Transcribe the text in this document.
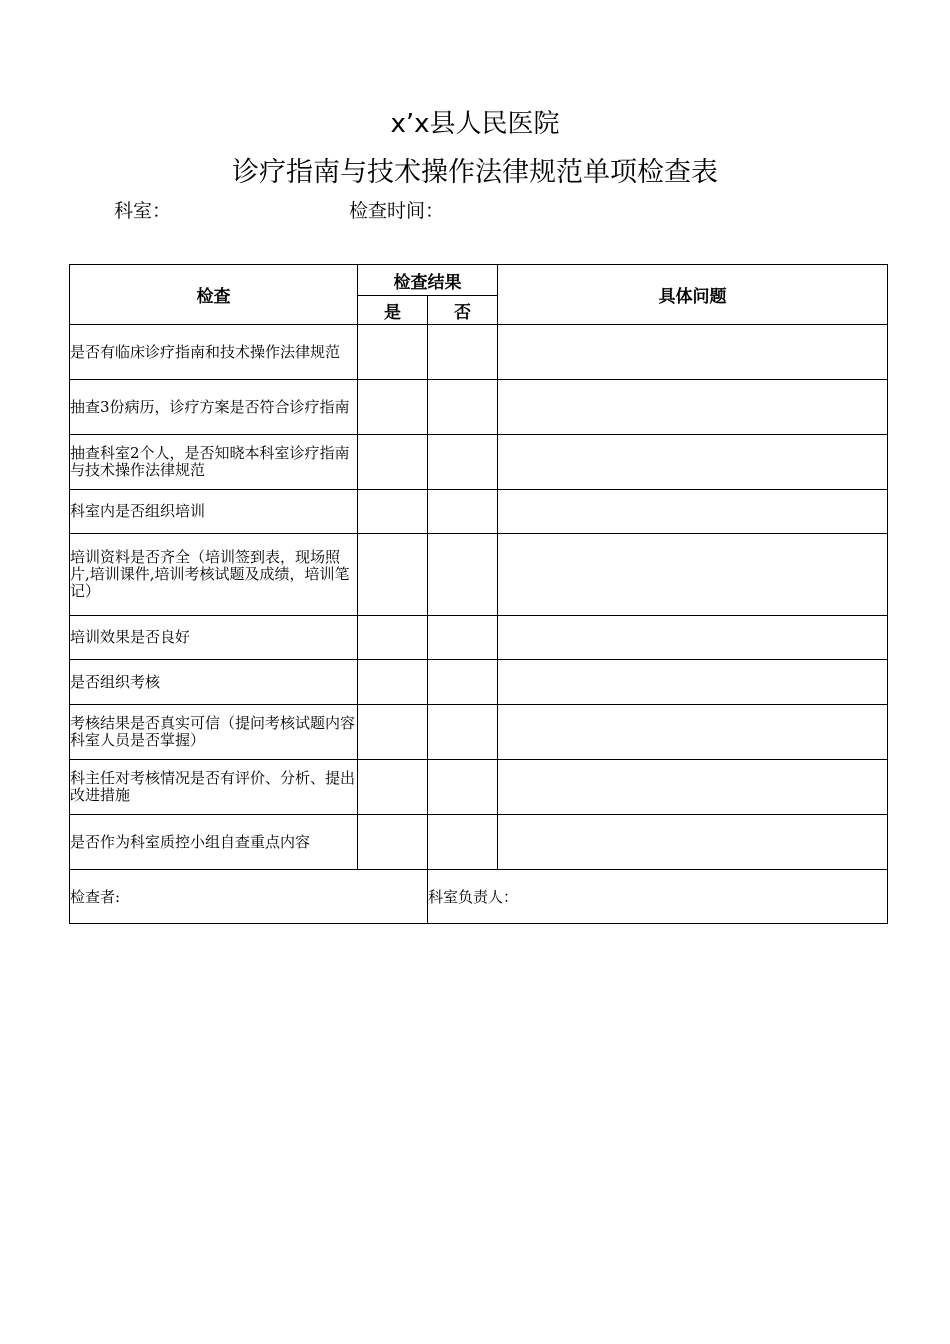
x’x县人民医院
诊疗指南与技术操作法律规范单项检查表
科室：	检查时间：
检查	检查结果		具体问题
	是	否	
是否有临床诊疗指南和技术操作法律规范			
抽查3份病历，诊疗方案是否符合诊疗指南			
抽查科室2个人，是否知晓本科室诊疗指南与技术操作法律规范			
科室内是否组织培训			
培训资料是否齐全（培训签到表，现场照片,培训课件,培训考核试题及成绩，培训笔记）			
培训效果是否良好			
是否组织考核			
考核结果是否真实可信（提问考核试题内容科室人员是否掌握）			
科主任对考核情况是否有评价、分析、提出改进措施			
是否作为科室质控小组自查重点内容			
检查者:		科室负责人：	
